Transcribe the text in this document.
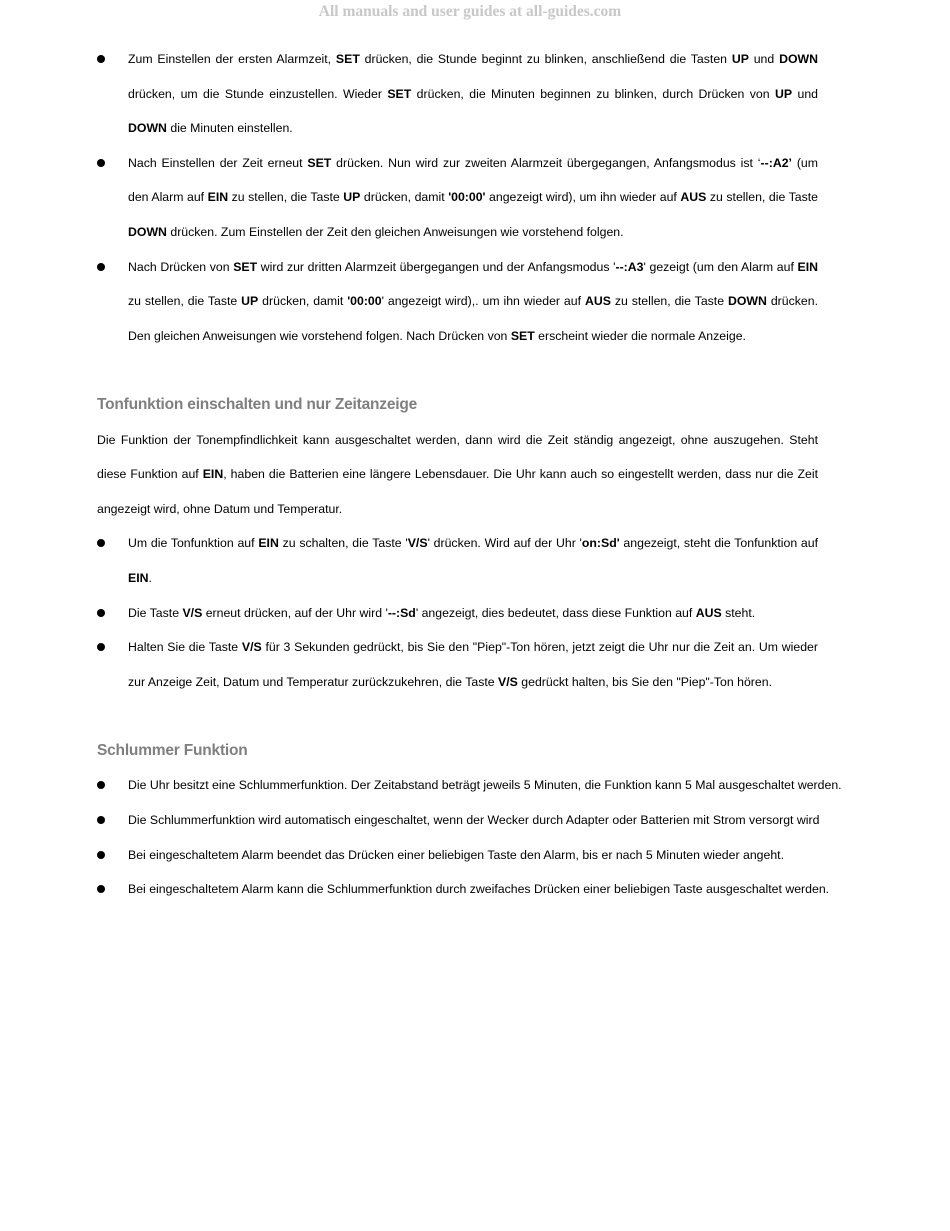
All manuals and user guides at all-guides.com
Zum Einstellen der ersten Alarmzeit, SET drücken, die Stunde beginnt zu blinken, anschließend die Tasten UP und DOWN drücken, um die Stunde einzustellen. Wieder SET drücken, die Minuten beginnen zu blinken, durch Drücken von UP und DOWN die Minuten einstellen.
Nach Einstellen der Zeit erneut SET drücken. Nun wird zur zweiten Alarmzeit übergegangen, Anfangsmodus ist ‘--:A2’ (um den Alarm auf EIN zu stellen, die Taste UP drücken, damit '00:00' angezeigt wird), um ihn wieder auf AUS zu stellen, die Taste DOWN drücken. Zum Einstellen der Zeit den gleichen Anweisungen wie vorstehend folgen.
Nach Drücken von SET wird zur dritten Alarmzeit übergegangen und der Anfangsmodus '--:A3' gezeigt (um den Alarm auf EIN zu stellen, die Taste UP drücken, damit '00:00' angezeigt wird),. um ihn wieder auf AUS zu stellen, die Taste DOWN drücken. Den gleichen Anweisungen wie vorstehend folgen. Nach Drücken von SET erscheint wieder die normale Anzeige.
Tonfunktion einschalten und nur Zeitanzeige

Die Funktion der Tonempfindlichkeit kann ausgeschaltet werden, dann wird die Zeit ständig angezeigt, ohne auszugehen. Steht diese Funktion auf EIN, haben die Batterien eine längere Lebensdauer. Die Uhr kann auch so eingestellt werden, dass nur die Zeit angezeigt wird, ohne Datum und Temperatur.

Um die Tonfunktion auf EIN zu schalten, die Taste 'V/S' drücken. Wird auf der Uhr 'on:Sd' angezeigt, steht die Tonfunktion auf EIN.
Die Taste V/S erneut drücken, auf der Uhr wird '--:Sd' angezeigt, dies bedeutet, dass diese Funktion auf AUS steht.
Halten Sie die Taste V/S für 3 Sekunden gedrückt, bis Sie den "Piep"-Ton hören, jetzt zeigt die Uhr nur die Zeit an. Um wieder zur Anzeige Zeit, Datum und Temperatur zurückzukehren, die Taste V/S gedrückt halten, bis Sie den "Piep"-Ton hören.
Schlummer Funktion
Die Uhr besitzt eine Schlummerfunktion. Der Zeitabstand beträgt jeweils 5 Minuten, die Funktion kann 5 Mal ausgeschaltet werden.
Die Schlummerfunktion wird automatisch eingeschaltet, wenn der Wecker durch Adapter oder Batterien mit Strom versorgt wird
Bei eingeschaltetem Alarm beendet das Drücken einer beliebigen Taste den Alarm, bis er nach 5 Minuten wieder angeht.
Bei eingeschaltetem Alarm kann die Schlummerfunktion durch zweifaches Drücken einer beliebigen Taste ausgeschaltet werden.
